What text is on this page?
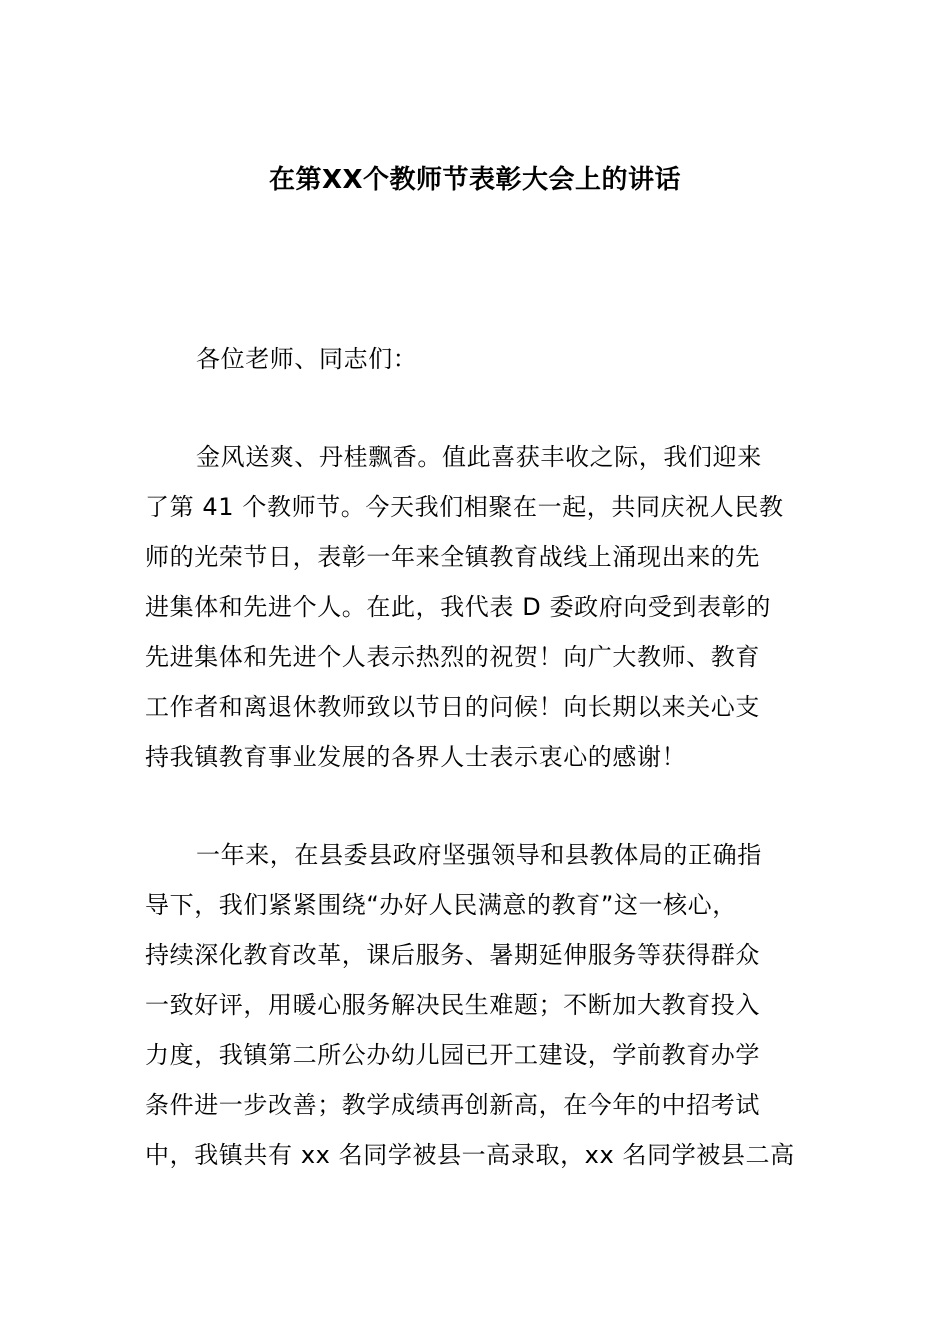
在第XX个教师节表彰大会上的讲话
各位老师、同志们：
金风送爽、丹桂飘香。值此喜获丰收之际，我们迎来
了第 41 个教师节。今天我们相聚在一起，共同庆祝人民教
师的光荣节日，表彰一年来全镇教育战线上涌现出来的先
进集体和先进个人。在此，我代表 D 委政府向受到表彰的
先进集体和先进个人表示热烈的祝贺！向广大教师、教育
工作者和离退休教师致以节日的问候！向长期以来关心支
持我镇教育事业发展的各界人士表示衷心的感谢！
一年来，在县委县政府坚强领导和县教体局的正确指
导下，我们紧紧围绕“办好人民满意的教育”这一核心，
持续深化教育改革，课后服务、暑期延伸服务等获得群众
一致好评，用暖心服务解决民生难题；不断加大教育投入
力度，我镇第二所公办幼儿园已开工建设，学前教育办学
条件进一步改善；教学成绩再创新高，在今年的中招考试
中，我镇共有 xx 名同学被县一高录取，xx 名同学被县二高
